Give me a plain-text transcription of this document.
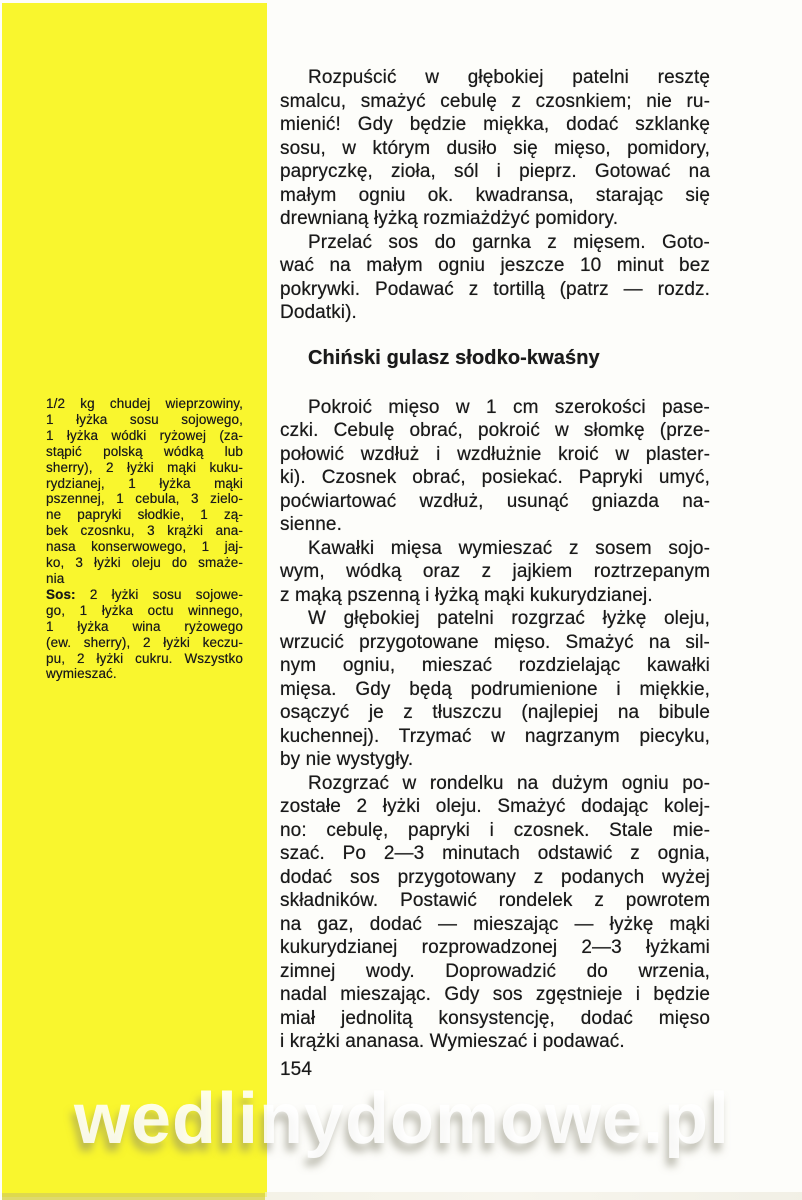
1/2 kg chudej wieprzowiny,
1 łyżka sosu sojowego,
1 łyżka wódki ryżowej (za-
stąpić polską wódką lub
sherry), 2 łyżki mąki kuku-
rydzianej, 1 łyżka mąki
pszennej, 1 cebula, 3 zielo-
ne papryki słodkie, 1 zą-
bek czosnku, 3 krążki ana-
nasa konserwowego, 1 jaj-
ko, 3 łyżki oleju do smaże-
nia
Sos: 2 łyżki sosu sojowe-
go, 1 łyżka octu winnego,
1 łyżka wina ryżowego
(ew. sherry), 2 łyżki keczu-
pu, 2 łyżki cukru. Wszystko
wymieszać.
Rozpuścić w głębokiej patelni resztę
smalcu, smażyć cebulę z czosnkiem; nie ru-
mienić! Gdy będzie miękka, dodać szklankę
sosu, w którym dusiło się mięso, pomidory,
papryczkę, zioła, sól i pieprz. Gotować na
małym ogniu ok. kwadransa, starając się
drewnianą łyżką rozmiażdżyć pomidory.
Przelać sos do garnka z mięsem. Goto-
wać na małym ogniu jeszcze 10 minut bez
pokrywki. Podawać z tortillą (patrz — rozdz.
Dodatki).
Chiński gulasz słodko-kwaśny
Pokroić mięso w 1 cm szerokości pase-
czki. Cebulę obrać, pokroić w słomkę (prze-
połowić wzdłuż i wzdłużnie kroić w plaster-
ki). Czosnek obrać, posiekać. Papryki umyć,
poćwiartować wzdłuż, usunąć gniazda na-
sienne.
Kawałki mięsa wymieszać z sosem sojo-
wym, wódką oraz z jajkiem roztrzepanym
z mąką pszenną i łyżką mąki kukurydzianej.
W głębokiej patelni rozgrzać łyżkę oleju,
wrzucić przygotowane mięso. Smażyć na sil-
nym ogniu, mieszać rozdzielając kawałki
mięsa. Gdy będą podrumienione i miękkie,
osączyć je z tłuszczu (najlepiej na bibule
kuchennej). Trzymać w nagrzanym piecyku,
by nie wystygły.
Rozgrzać w rondelku na dużym ogniu po-
zostałe 2 łyżki oleju. Smażyć dodając kolej-
no: cebulę, papryki i czosnek. Stale mie-
szać. Po 2—3 minutach odstawić z ognia,
dodać sos przygotowany z podanych wyżej
składników. Postawić rondelek z powrotem
na gaz, dodać — mieszając — łyżkę mąki
kukurydzianej rozprowadzonej 2—3 łyżkami
zimnej wody. Doprowadzić do wrzenia,
nadal mieszając. Gdy sos zgęstnieje i będzie
miał jednolitą konsystencję, dodać mięso
i krążki ananasa. Wymieszać i podawać.
154
wedlinydomowe.pl
